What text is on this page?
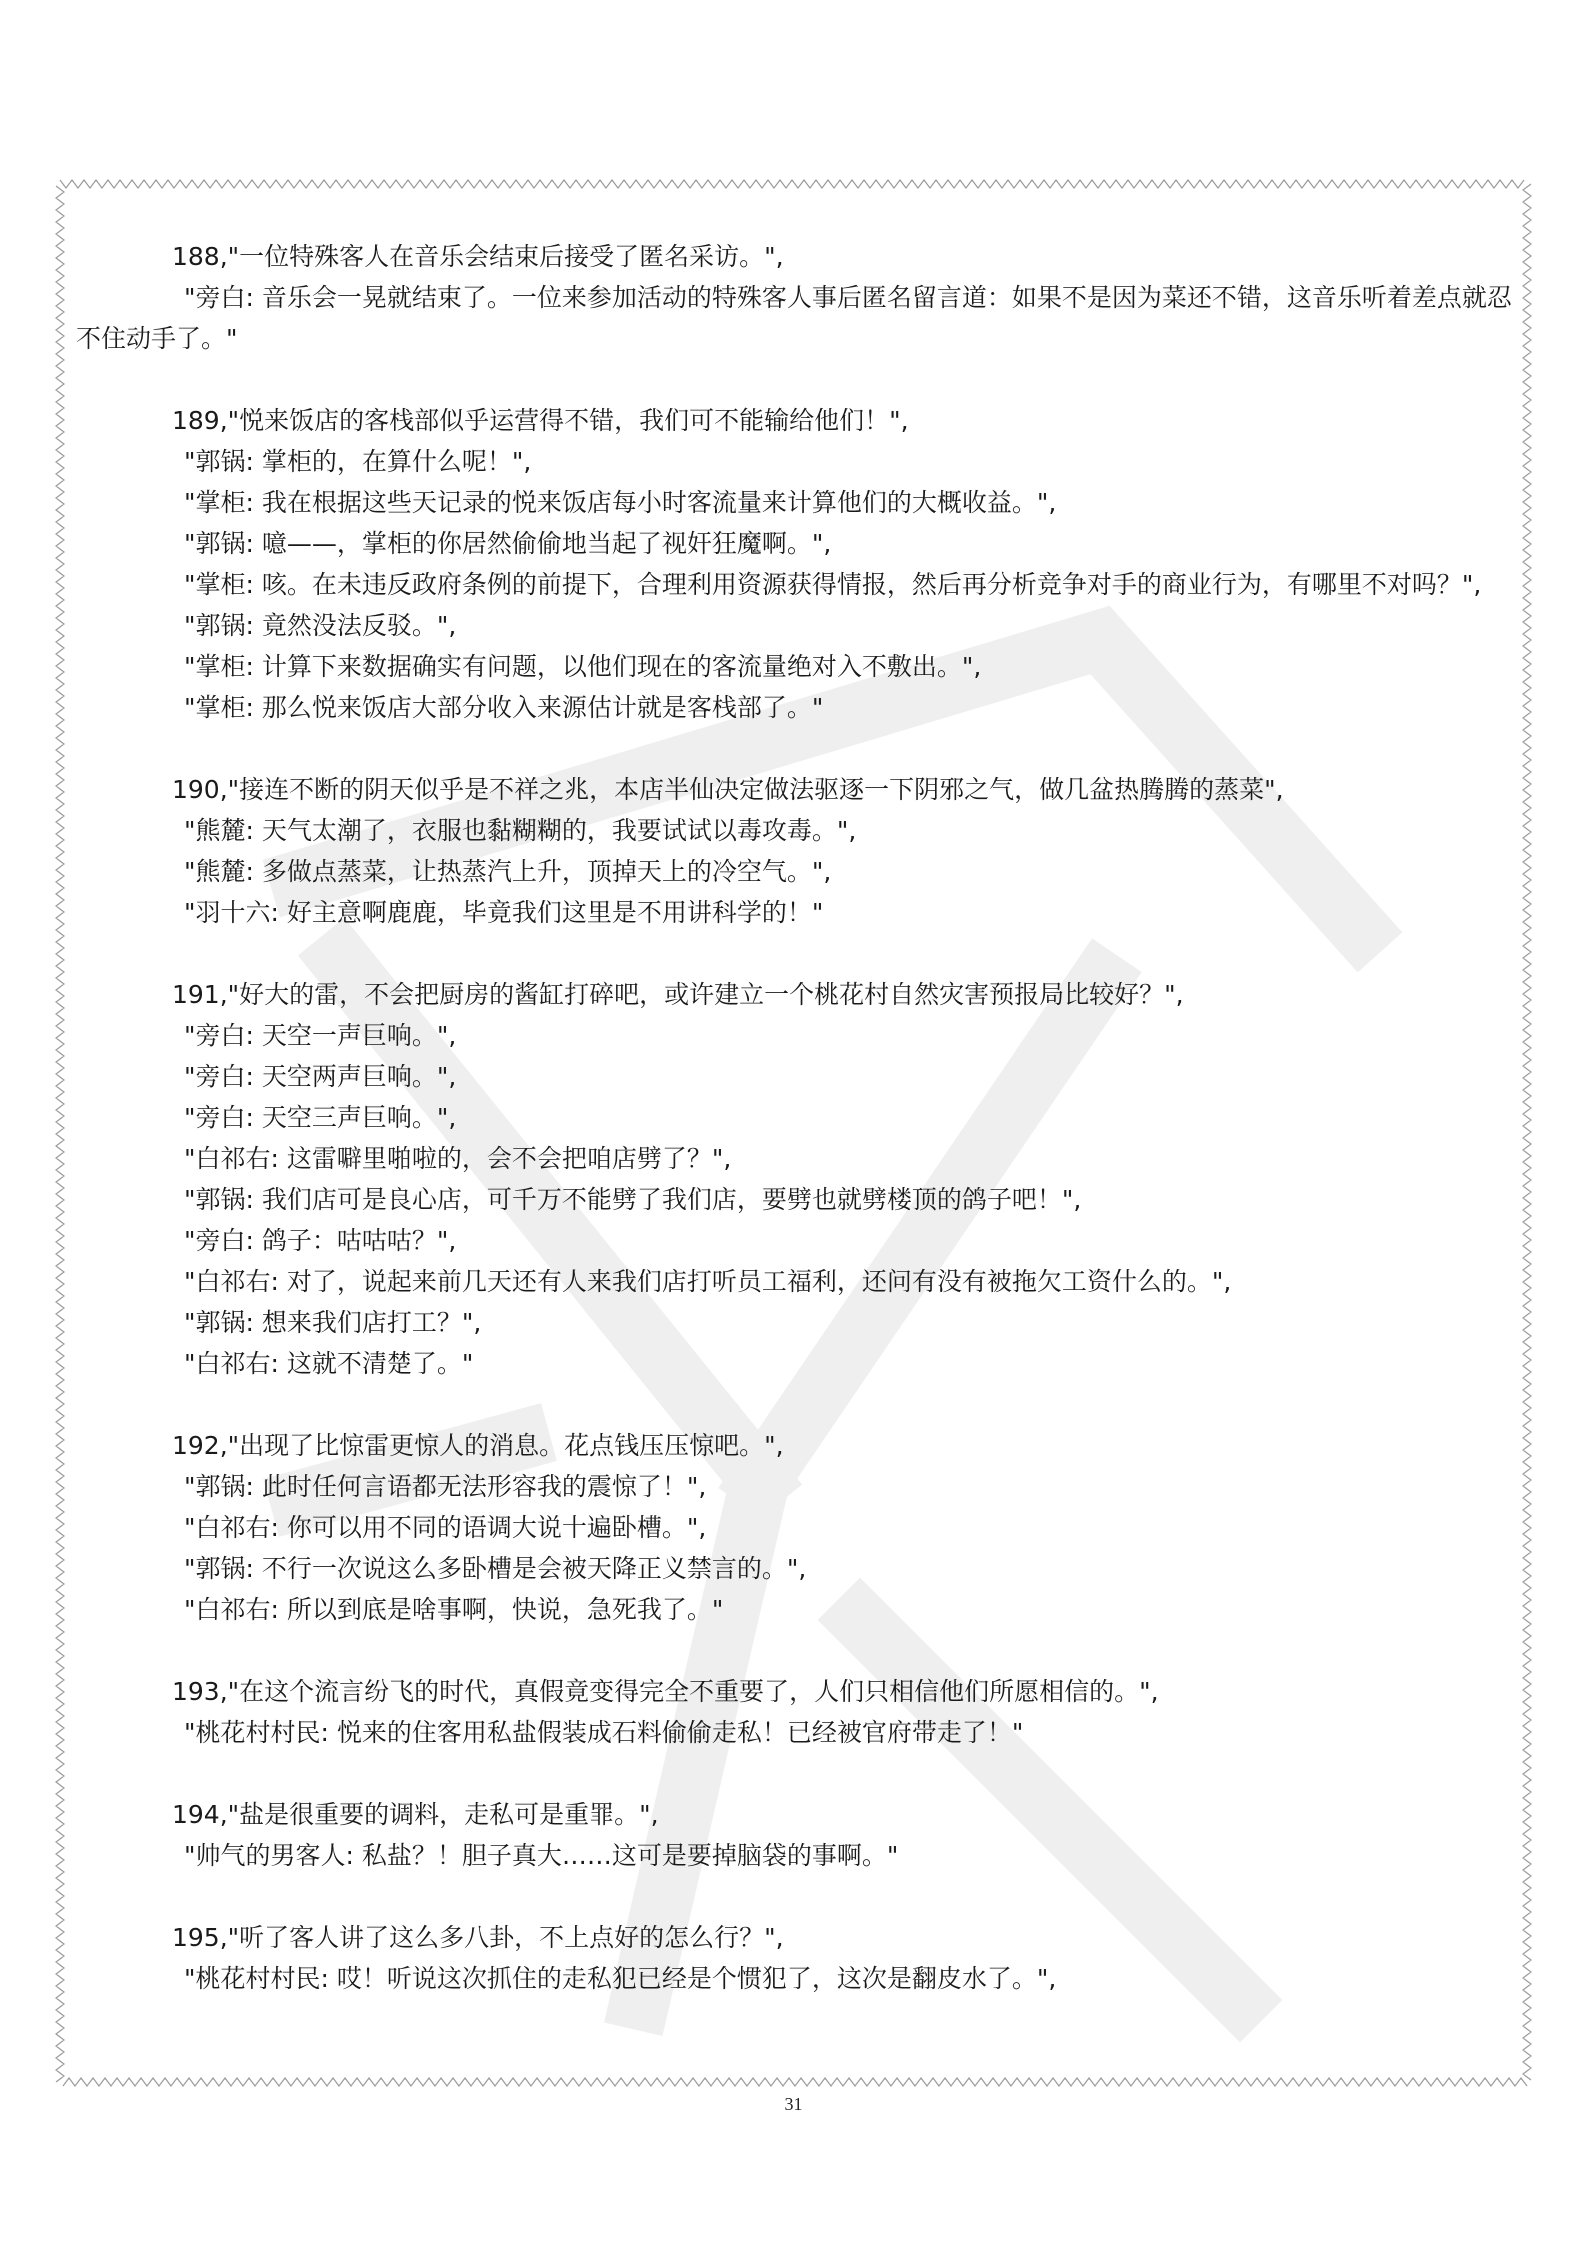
188,"一位特殊客人在音乐会结束后接受了匿名采访。",

"旁白: 音乐会一晃就结束了。一位来参加活动的特殊客人事后匿名留言道：如果不是因为菜还不错，这音乐听着差点就忍不住动手了。"

189,"悦来饭店的客栈部似乎运营得不错，我们可不能输给他们！",

"郭锅: 掌柜的，在算什么呢！",

"掌柜: 我在根据这些天记录的悦来饭店每小时客流量来计算他们的大概收益。",

"郭锅: 噫——，掌柜的你居然偷偷地当起了视奸狂魔啊。",

"掌柜: 咳。在未违反政府条例的前提下，合理利用资源获得情报，然后再分析竞争对手的商业行为，有哪里不对吗？",

"郭锅: 竟然没法反驳。",

"掌柜: 计算下来数据确实有问题，以他们现在的客流量绝对入不敷出。",

"掌柜: 那么悦来饭店大部分收入来源估计就是客栈部了。"

190,"接连不断的阴天似乎是不祥之兆，本店半仙决定做法驱逐一下阴邪之气，做几盆热腾腾的蒸菜",

"熊麓: 天气太潮了，衣服也黏糊糊的，我要试试以毒攻毒。",

"熊麓: 多做点蒸菜，让热蒸汽上升，顶掉天上的冷空气。",

"羽十六: 好主意啊鹿鹿，毕竟我们这里是不用讲科学的！"

191,"好大的雷，不会把厨房的酱缸打碎吧，或许建立一个桃花村自然灾害预报局比较好？",

"旁白: 天空一声巨响。",

"旁白: 天空两声巨响。",

"旁白: 天空三声巨响。",

"白祁右: 这雷噼里啪啦的，会不会把咱店劈了？",

"郭锅: 我们店可是良心店，可千万不能劈了我们店，要劈也就劈楼顶的鸽子吧！",

"旁白: 鸽子：咕咕咕？",

"白祁右: 对了，说起来前几天还有人来我们店打听员工福利，还问有没有被拖欠工资什么的。",

"郭锅: 想来我们店打工？",

"白祁右: 这就不清楚了。"

192,"出现了比惊雷更惊人的消息。花点钱压压惊吧。",

"郭锅: 此时任何言语都无法形容我的震惊了！",

"白祁右: 你可以用不同的语调大说十遍卧槽。",

"郭锅: 不行一次说这么多卧槽是会被天降正义禁言的。",

"白祁右: 所以到底是啥事啊，快说，急死我了。"

193,"在这个流言纷飞的时代，真假竟变得完全不重要了，人们只相信他们所愿相信的。",

"桃花村村民: 悦来的住客用私盐假装成石料偷偷走私！已经被官府带走了！"

194,"盐是很重要的调料，走私可是重罪。",

"帅气的男客人: 私盐？！胆子真大……这可是要掉脑袋的事啊。"

195,"听了客人讲了这么多八卦，不上点好的怎么行？",

"桃花村村民: 哎！听说这次抓住的走私犯已经是个惯犯了，这次是翻皮水了。",

31
